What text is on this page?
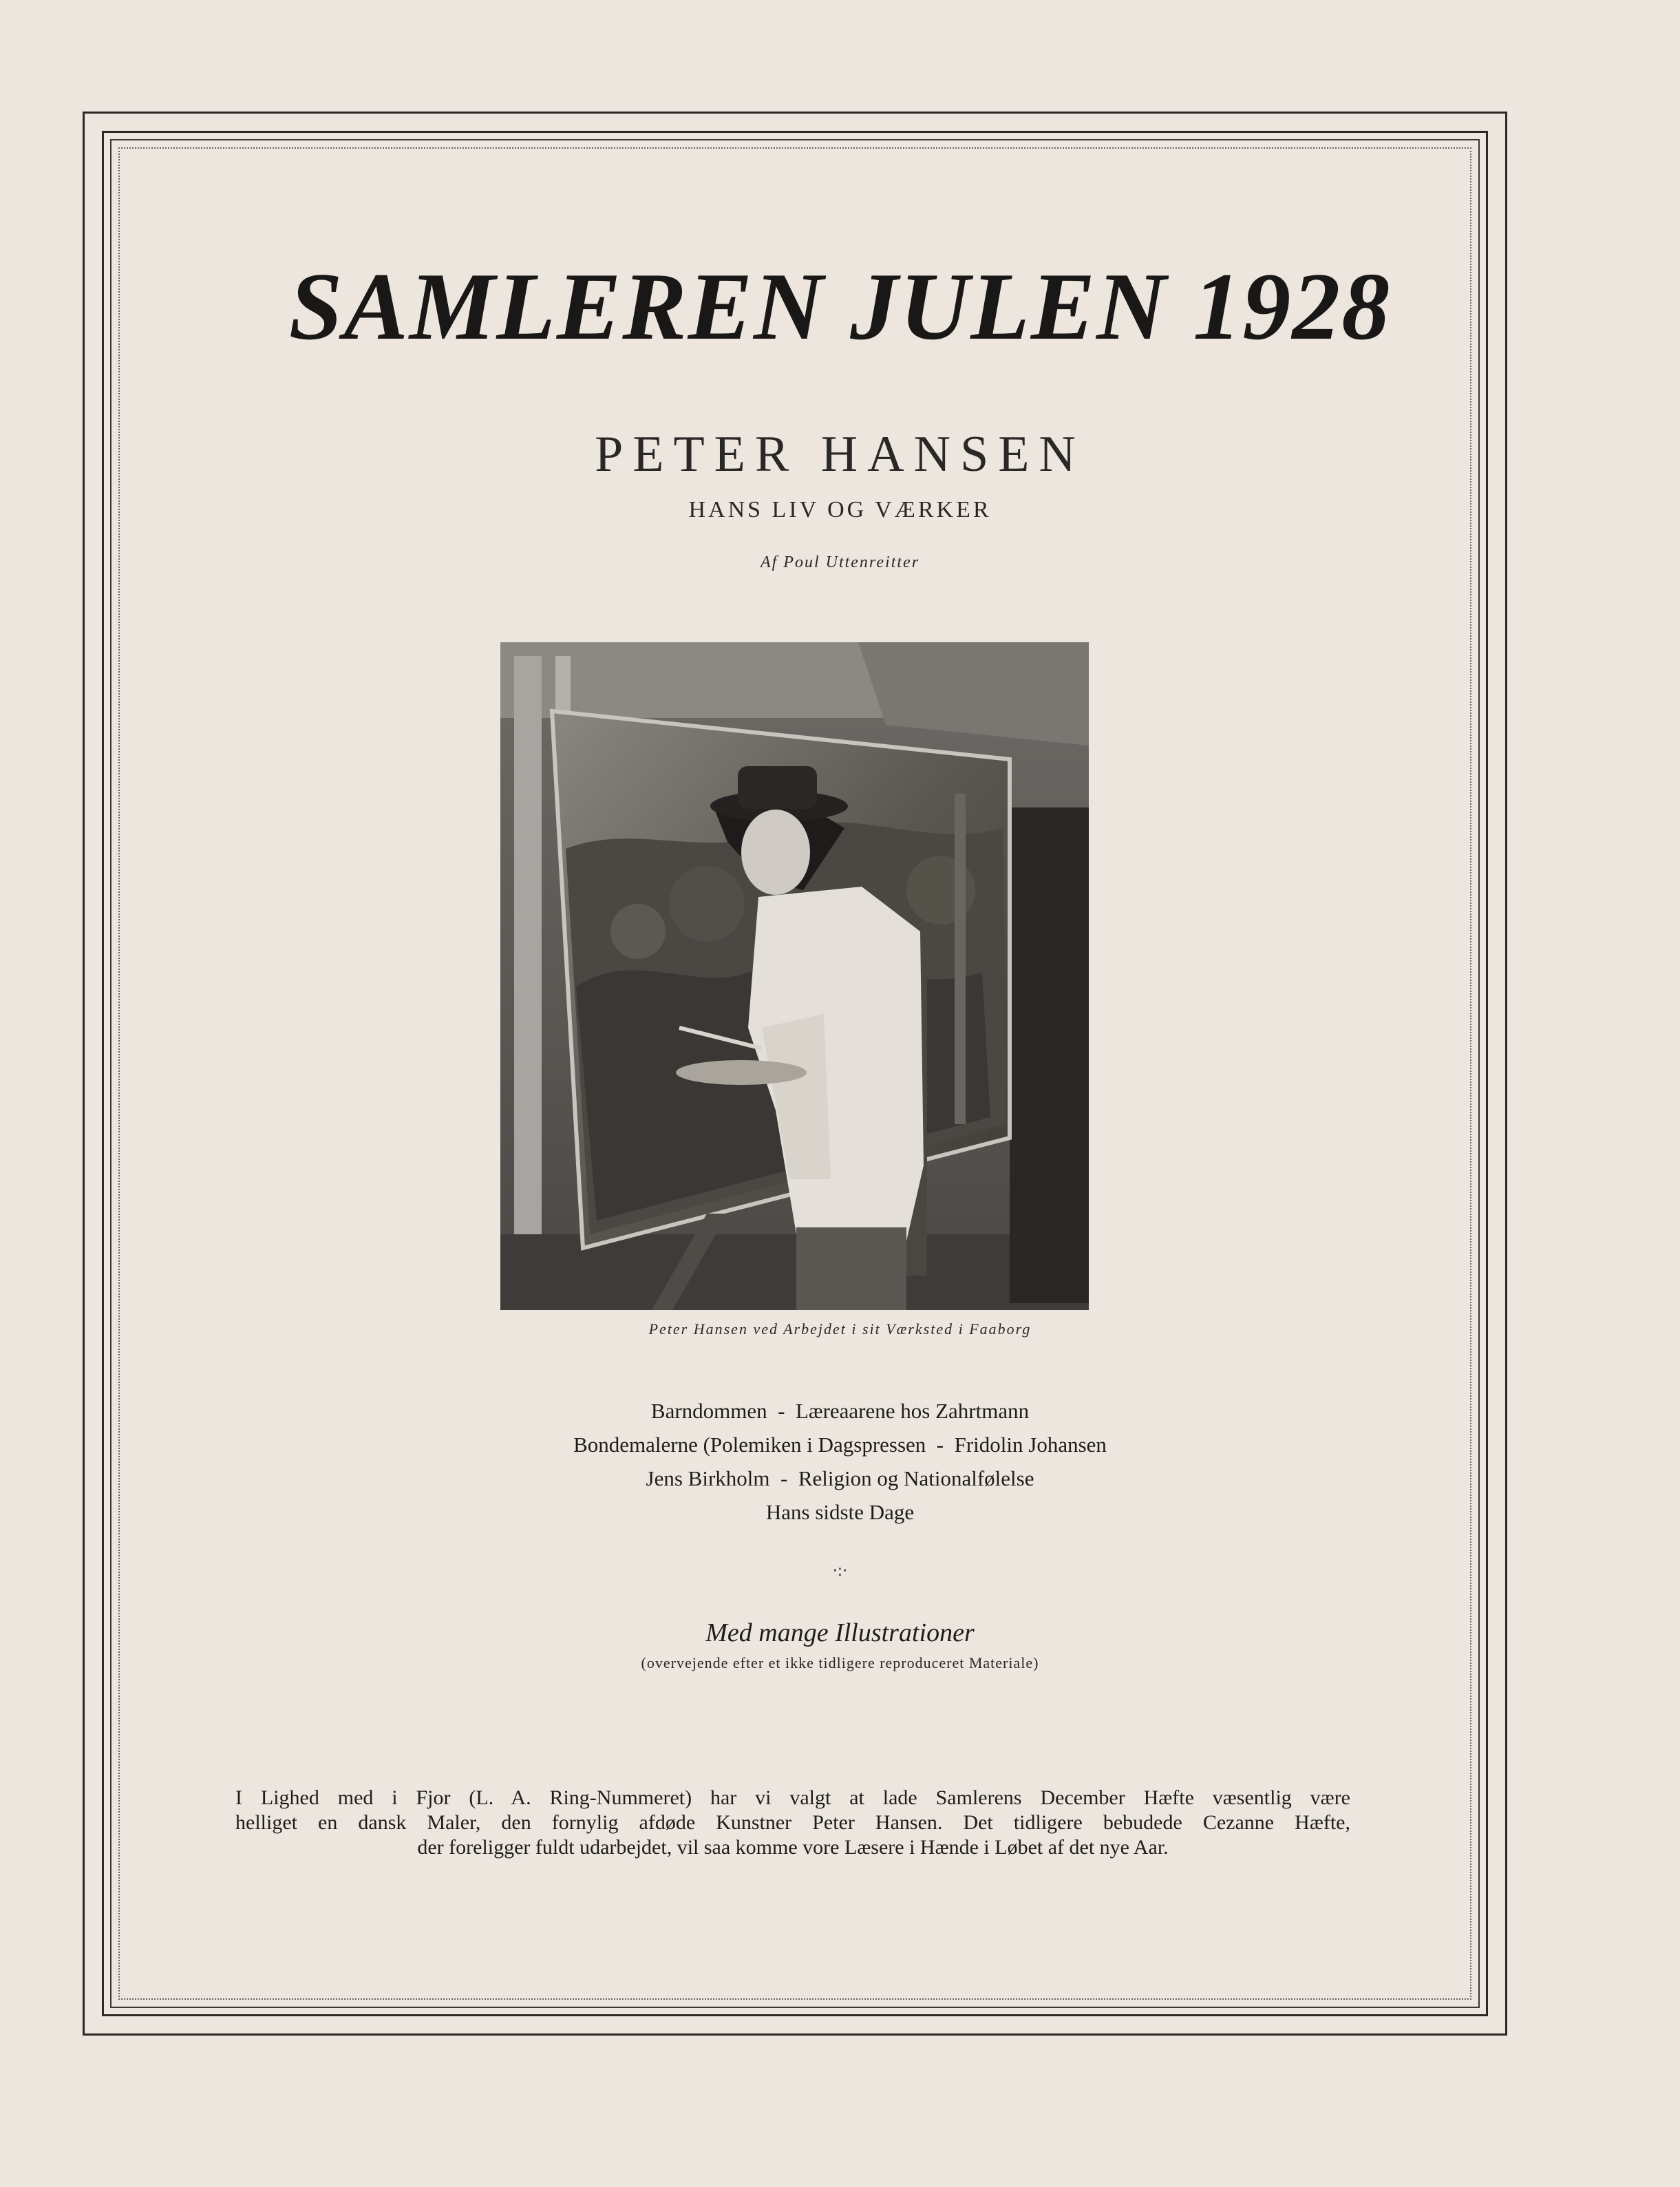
SAMLEREN JULEN 1928
PETER HANSEN
HANS LIV OG VÆRKER
Af Poul Uttenreitter
Peter Hansen ved Arbejdet i sit Værksted i Faaborg
Barndommen  -  Læreaarene hos Zahrtmann
Bondemalerne (Polemiken i Dagspressen  -  Fridolin Johansen
Jens Birkholm  -  Religion og Nationalfølelse
Hans sidste Dage
·:·
Med mange Illustrationer
(overvejende efter et ikke tidligere reproduceret Materiale)
I Lighed med i Fjor (L. A. Ring-Nummeret) har vi valgt at lade Samlerens December Hæfte væsentlig være
helliget en dansk Maler, den fornylig afdøde Kunstner Peter Hansen. Det tidligere bebudede Cezanne Hæfte,
der foreligger fuldt udarbejdet, vil saa komme vore Læsere i Hænde i Løbet af det nye Aar.
